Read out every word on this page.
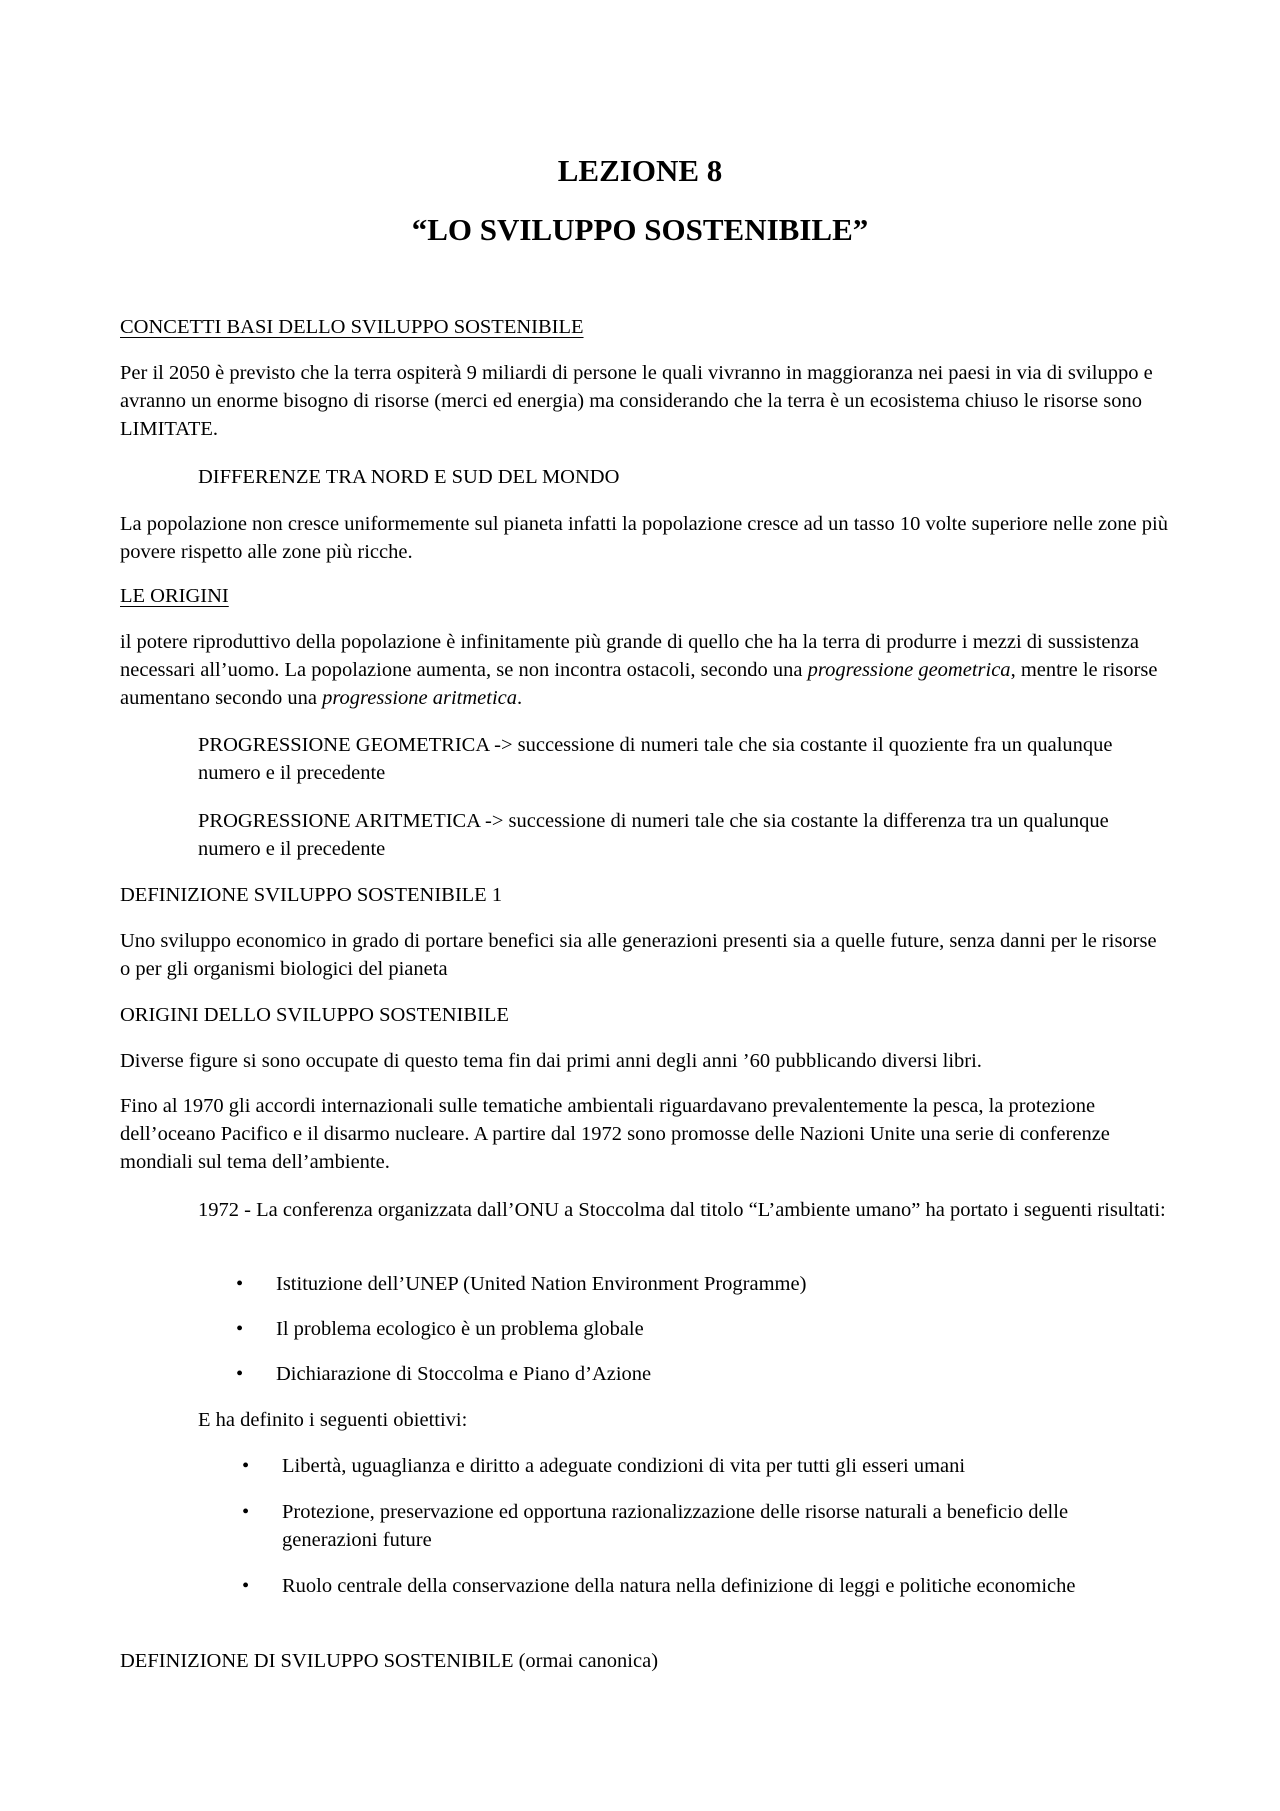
LEZIONE 8
“LO SVILUPPO SOSTENIBILE”

CONCETTI BASI DELLO SVILUPPO SOSTENIBILE

Per il 2050 è previsto che la terra ospiterà 9 miliardi di persone le quali vivranno in maggioranza nei paesi in via di sviluppo e avranno un enorme bisogno di risorse (merci ed energia) ma considerando che la terra è un ecosistema chiuso le risorse sono LIMITATE.

DIFFERENZE TRA NORD E SUD DEL MONDO

La popolazione non cresce uniformemente sul pianeta infatti la popolazione cresce ad un tasso 10 volte superiore nelle zone più povere rispetto alle zone più ricche.

LE ORIGINI

il potere riproduttivo della popolazione è infinitamente più grande di quello che ha la terra di produrre i mezzi di sussistenza necessari all’uomo. La popolazione aumenta, se non incontra ostacoli, secondo una progressione geometrica, mentre le risorse aumentano secondo una progressione aritmetica.

PROGRESSIONE GEOMETRICA -> successione di numeri tale che sia costante il quoziente fra un qualunque numero e il precedente

PROGRESSIONE ARITMETICA -> successione di numeri tale che sia costante la differenza tra un qualunque numero e il precedente

DEFINIZIONE SVILUPPO SOSTENIBILE 1

Uno sviluppo economico in grado di portare benefici sia alle generazioni presenti sia a quelle future, senza danni per le risorse o per gli organismi biologici del pianeta

ORIGINI DELLO SVILUPPO SOSTENIBILE

Diverse figure si sono occupate di questo tema fin dai primi anni degli anni ’60 pubblicando diversi libri.

Fino al 1970 gli accordi internazionali sulle tematiche ambientali riguardavano prevalentemente la pesca, la protezione dell’oceano Pacifico e il disarmo nucleare. A partire dal 1972 sono promosse delle Nazioni Unite una serie di conferenze mondiali sul tema dell’ambiente.

1972 - La conferenza organizzata dall’ONU a Stoccolma dal titolo “L’ambiente umano” ha portato i seguenti risultati:

• Istituzione dell’UNEP (United Nation Environment Programme)
• Il problema ecologico è un problema globale
• Dichiarazione di Stoccolma e Piano d’Azione

E ha definito i seguenti obiettivi:

• Libertà, uguaglianza e diritto a adeguate condizioni di vita per tutti gli esseri umani
• Protezione, preservazione ed opportuna razionalizzazione delle risorse naturali a beneficio delle generazioni future
• Ruolo centrale della conservazione della natura nella definizione di leggi e politiche economiche

DEFINIZIONE DI SVILUPPO SOSTENIBILE (ormai canonica)
